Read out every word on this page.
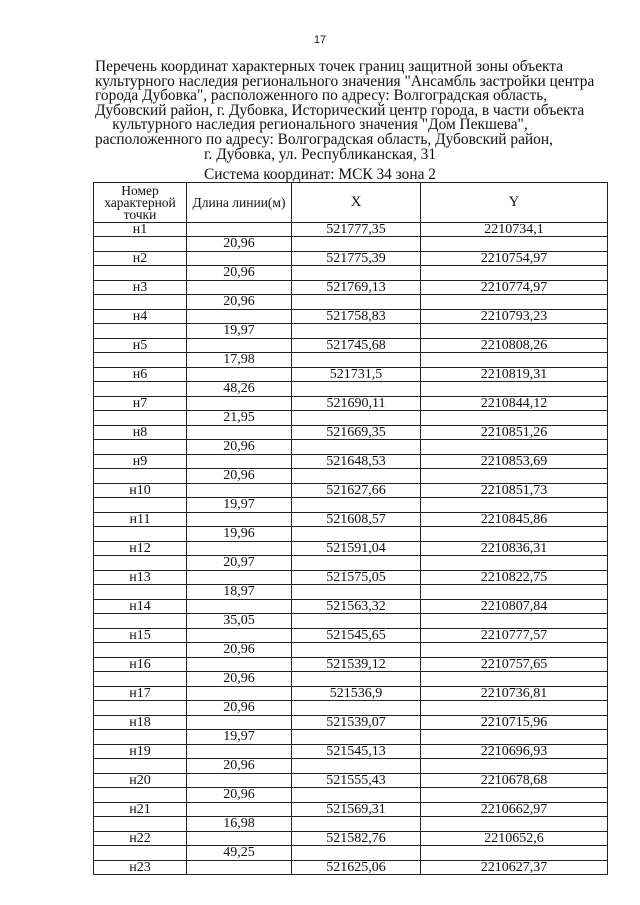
17
Перечень координат характерных точек границ защитной зоны объекта
культурного наследия регионального значения "Ансамбль застройки центра
города Дубовка", расположенного по адресу: Волгоградская область,
Дубовский район, г. Дубовка, Исторический центр города, в части объекта
культурного наследия регионального значения "Дом Пекшева",
расположенного по адресу: Волгоградская область, Дубовский район,
г. Дубовка, ул. Республиканская, 31
Система координат: МСК 34 зона 2
Номер характерной точки	Длина линии(м)	X	Y
н1		521777,35	2210734,1
	20,96		
н2		521775,39	2210754,97
	20,96		
н3		521769,13	2210774,97
	20,96		
н4		521758,83	2210793,23
	19,97		
н5		521745,68	2210808,26
	17,98		
н6		521731,5	2210819,31
	48,26		
н7		521690,11	2210844,12
	21,95		
н8		521669,35	2210851,26
	20,96		
н9		521648,53	2210853,69
	20,96		
н10		521627,66	2210851,73
	19,97		
н11		521608,57	2210845,86
	19,96		
н12		521591,04	2210836,31
	20,97		
н13		521575,05	2210822,75
	18,97		
н14		521563,32	2210807,84
	35,05		
н15		521545,65	2210777,57
	20,96		
н16		521539,12	2210757,65
	20,96		
н17		521536,9	2210736,81
	20,96		
н18		521539,07	2210715,96
	19,97		
н19		521545,13	2210696,93
	20,96		
н20		521555,43	2210678,68
	20,96		
н21		521569,31	2210662,97
	16,98		
н22		521582,76	2210652,6
	49,25		
н23		521625,06	2210627,37
